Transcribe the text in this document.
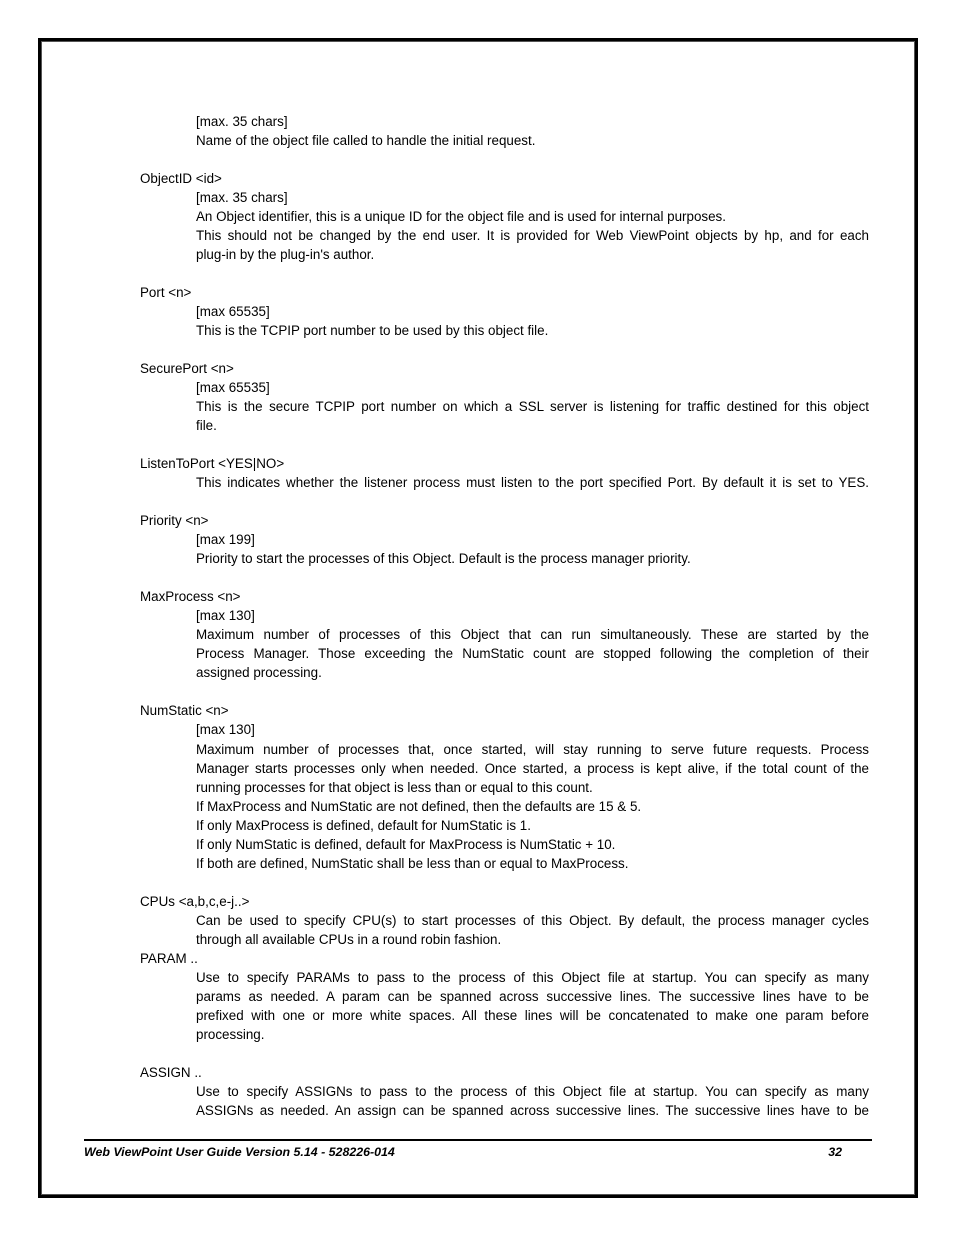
[max. 35 chars]
Name of the object file called to handle the initial request.
ObjectID <id>
[max. 35 chars]
An Object identifier, this is a unique ID for the object file and is used for internal purposes.
This should not be changed by the end user. It is provided for Web ViewPoint objects by hp, and for each
plug-in by the plug-in's author.
Port <n>
[max 65535]
This is the TCPIP port number to be used by this object file.
SecurePort <n>
[max 65535]
This is the secure TCPIP port number on which a SSL server is listening for traffic destined for this object
file.
ListenToPort <YES|NO>
This indicates whether the listener process must listen to the port specified Port. By default it is set to YES.
Priority <n>
[max 199]
Priority to start the processes of this Object. Default is the process manager priority.
MaxProcess <n>
[max 130]
Maximum number of processes of this Object that can run simultaneously. These are started by the
Process Manager. Those exceeding the NumStatic count are stopped following the completion of their
assigned processing.
NumStatic <n>
[max 130]
Maximum number of processes that, once started, will stay running to serve future requests. Process
Manager starts processes only when needed. Once started, a process is kept alive, if the total count of the
running processes for that object is less than or equal to this count.
If MaxProcess and NumStatic are not defined, then the defaults are 15 & 5.
If only MaxProcess is defined, default for NumStatic is 1.
If only NumStatic is defined, default for MaxProcess is NumStatic + 10.
If both are defined, NumStatic shall be less than or equal to MaxProcess.
CPUs <a,b,c,e-j..>
Can be used to specify CPU(s) to start processes of this Object. By default, the process manager cycles
through all available CPUs in a round robin fashion.
PARAM ..
Use to specify PARAMs to pass to the process of this Object file at startup. You can specify as many
params as needed. A param can be spanned across successive lines. The successive lines have to be
prefixed with one or more white spaces. All these lines will be concatenated to make one param before
processing.
ASSIGN ..
Use to specify ASSIGNs to pass to the process of this Object file at startup. You can specify as many
ASSIGNs as needed. An assign can be spanned across successive lines. The successive lines have to be
Web ViewPoint User Guide Version 5.14 - 528226-014	32
